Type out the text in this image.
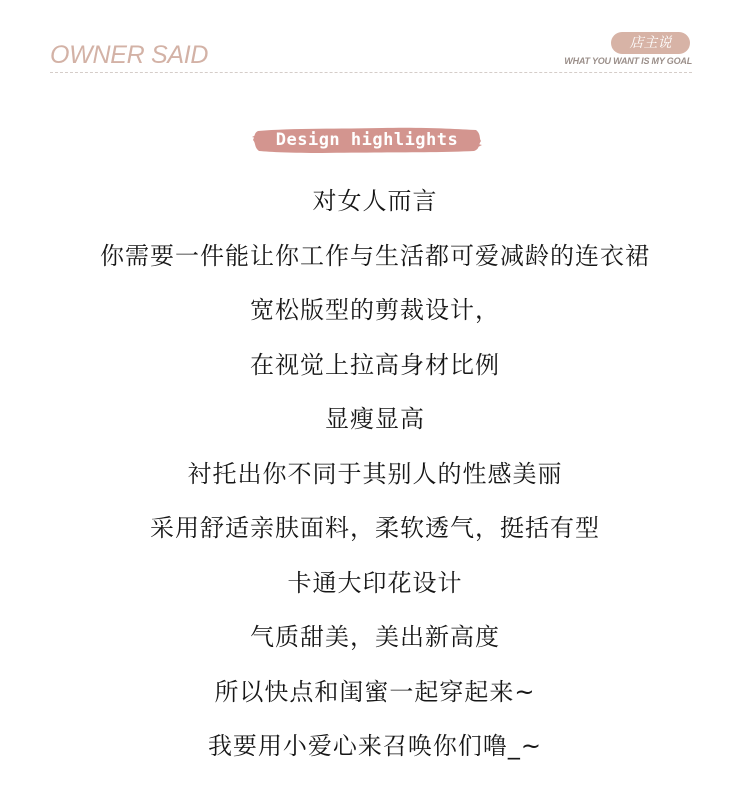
OWNER SAID	店主说
WHAT YOU WANT IS MY GOAL
Design highlights
对女人而言
你需要一件能让你工作与生活都可爱减龄的连衣裙
宽松版型的剪裁设计，
在视觉上拉高身材比例
显瘦显高
衬托出你不同于其别人的性感美丽
采用舒适亲肤面料，柔软透气，挺括有型
卡通大印花设计
气质甜美，美出新高度
所以快点和闺蜜一起穿起来~
我要用小爱心来召唤你们噜_~
